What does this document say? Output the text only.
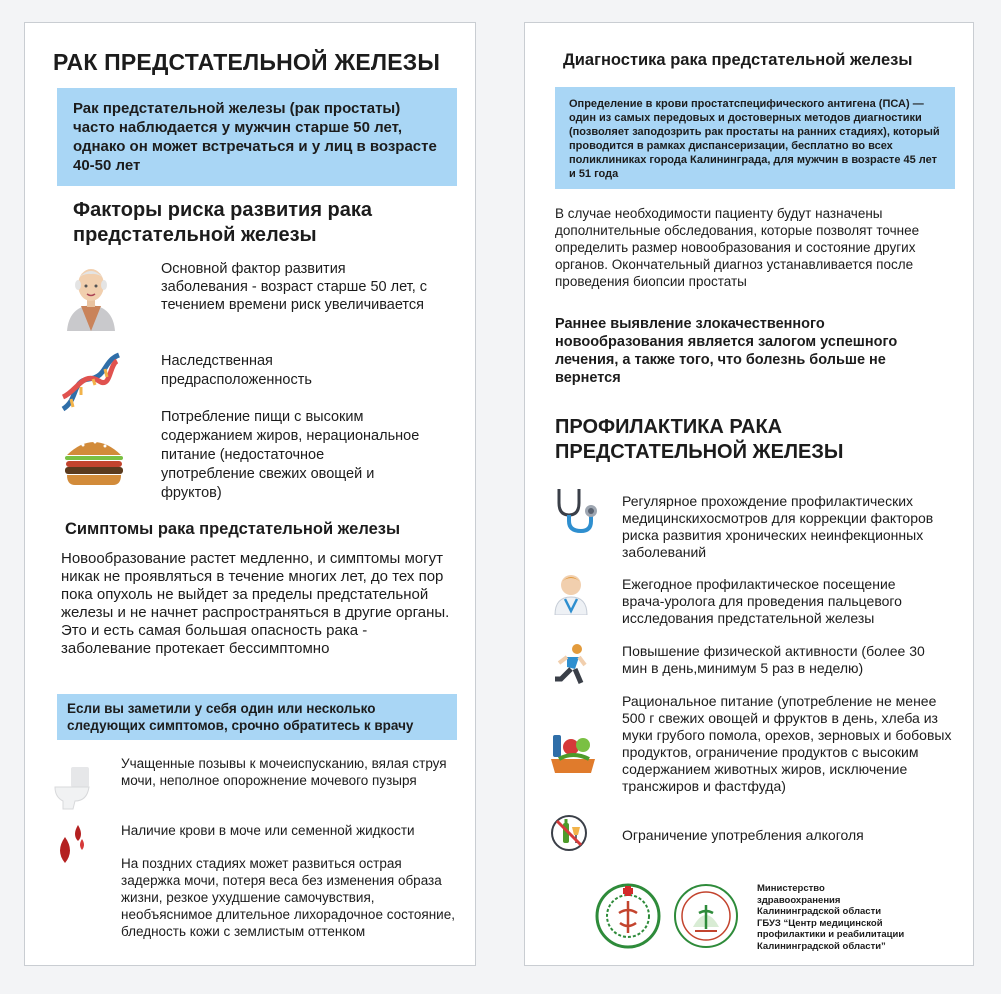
РАК ПРЕДСТАТЕЛЬНОЙ ЖЕЛЕЗЫ
Рак предстательной железы (рак простаты) часто наблюдается у мужчин старше 50 лет, однако он может встречаться и у лиц в возрасте 40-50 лет
Факторы риска развития рака предстательной железы
Основной фактор развития заболевания - возраст старше 50 лет, с течением времени риск увеличивается
Наследственная предрасположенность
Потребление пищи с высоким содержанием жиров, нерациональное питание (недостаточное употребление свежих овощей и фруктов)
Симптомы рака предстательной железы
Новообразование растет медленно, и симптомы могут никак не проявляться в течение многих лет, до тех пор пока опухоль не выйдет за пределы предстательной железы и не начнет распространяться в другие органы. Это и есть самая большая опасность рака - заболевание протекает бессимптомно
Если вы заметили у себя один или несколько следующих симптомов, срочно обратитесь к врачу
Учащенные позывы к мочеиспусканию, вялая струя мочи, неполное опорожнение мочевого пузыря
Наличие крови в моче или семенной жидкости
На поздних стадиях может развиться острая задержка мочи, потеря веса без изменения образа жизни, резкое ухудшение самочувствия, необъяснимое длительное лихорадочное состояние, бледность кожи с землистым оттенком
Диагностика рака предстательной железы
Определение в крови простатспецифического антигена (ПСА) — один из самых передовых и достоверных методов диагностики (позволяет заподозрить рак простаты на ранних стадиях), который проводится в рамках диспансеризации, бесплатно во всех поликлиниках города Калининграда, для мужчин в возрасте 45 лет и 51 года
В случае необходимости пациенту будут назначены дополнительные обследования, которые позволят точнее определить размер новообразования и состояние других органов. Окончательный диагноз устанавливается после проведения биопсии простаты
Раннее выявление злокачественного новообразования является залогом успешного лечения, а также того, что болезнь больше не вернется
ПРОФИЛАКТИКА РАКА ПРЕДСТАТЕЛЬНОЙ ЖЕЛЕЗЫ
Регулярное прохождение профилактических медицинскихосмотров для коррекции факторов риска развития хронических неинфекционных заболеваний
Ежегодное профилактическое посещение врача-уролога для проведения пальцевого исследования предстательной железы
Повышение физической активности (более 30 мин в день,минимум 5 раз в неделю)
Рациональное питание (употребление не менее 500 г свежих овощей и фруктов в день, хлеба из муки грубого помола, орехов, зерновых и бобовых продуктов, ограничение продуктов с высоким содержанием животных жиров, исключение трансжиров и фастфуда)
Ограничение употребления алкоголя
Министерство здравоохранения Калининградской области ГБУЗ “Центр медицинской профилактики и реабилитации Калининградской области”
